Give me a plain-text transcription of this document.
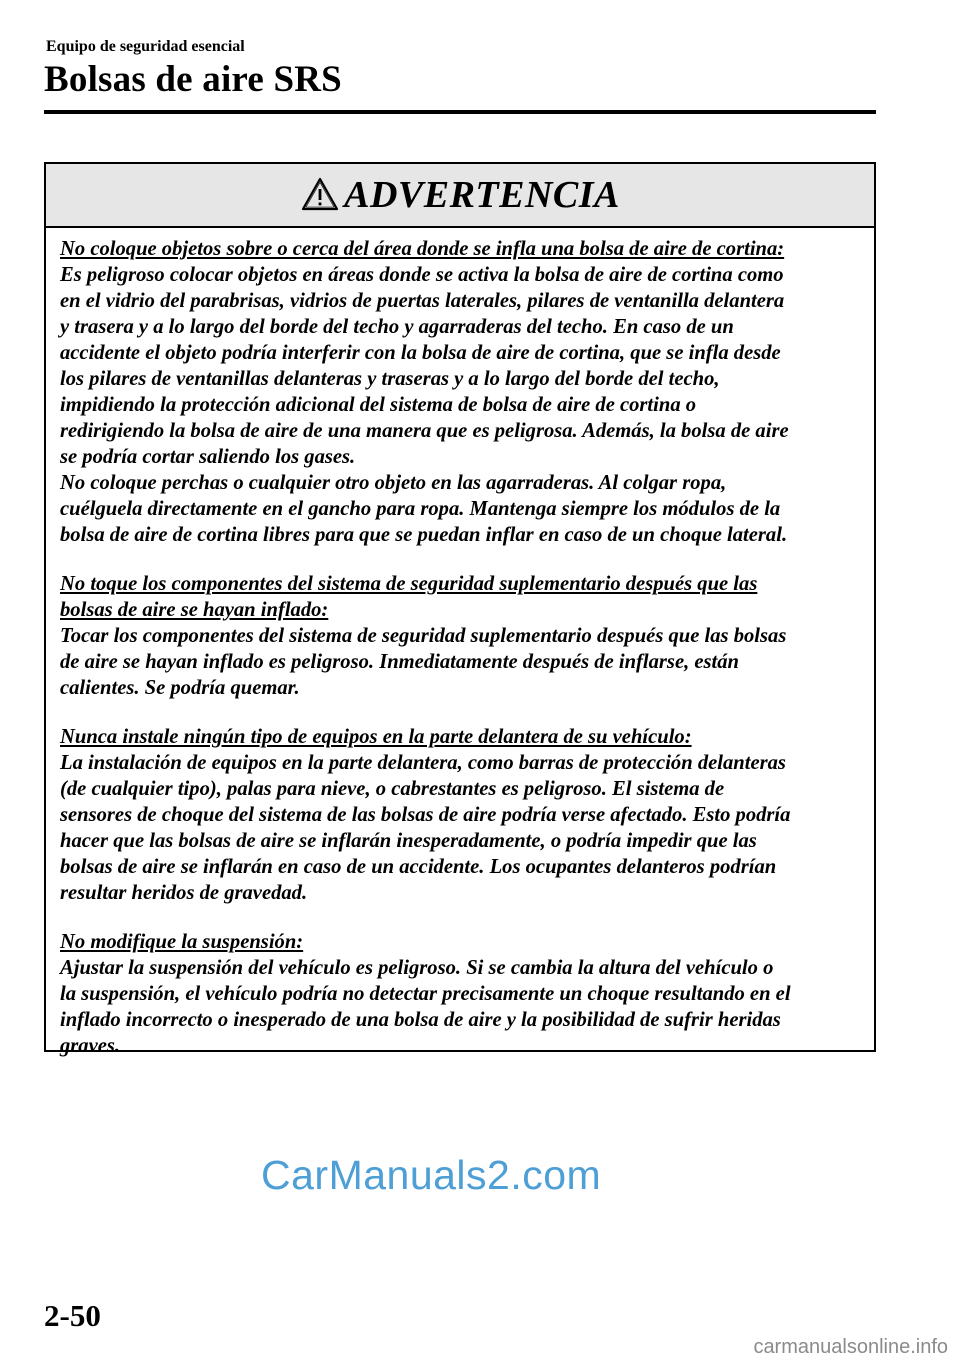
Equipo de seguridad esencial
Bolsas de aire SRS
ADVERTENCIA
No coloque objetos sobre o cerca del área donde se infla una bolsa de aire de cortina:
Es peligroso colocar objetos en áreas donde se activa la bolsa de aire de cortina como
en el vidrio del parabrisas, vidrios de puertas laterales, pilares de ventanilla delantera
y trasera y a lo largo del borde del techo y agarraderas del techo. En caso de un
accidente el objeto podría interferir con la bolsa de aire de cortina, que se infla desde
los pilares de ventanillas delanteras y traseras y a lo largo del borde del techo,
impidiendo la protección adicional del sistema de bolsa de aire de cortina o
redirigiendo la bolsa de aire de una manera que es peligrosa. Además, la bolsa de aire
se podría cortar saliendo los gases.
No coloque perchas o cualquier otro objeto en las agarraderas. Al colgar ropa,
cuélguela directamente en el gancho para ropa. Mantenga siempre los módulos de la
bolsa de aire de cortina libres para que se puedan inflar en caso de un choque lateral.
No toque los componentes del sistema de seguridad suplementario después que las
bolsas de aire se hayan inflado:
Tocar los componentes del sistema de seguridad suplementario después que las bolsas
de aire se hayan inflado es peligroso. Inmediatamente después de inflarse, están
calientes. Se podría quemar.
Nunca instale ningún tipo de equipos en la parte delantera de su vehículo:
La instalación de equipos en la parte delantera, como barras de protección delanteras
(de cualquier tipo), palas para nieve, o cabrestantes es peligroso. El sistema de
sensores de choque del sistema de las bolsas de aire podría verse afectado. Esto podría
hacer que las bolsas de aire se inflarán inesperadamente, o podría impedir que las
bolsas de aire se inflarán en caso de un accidente. Los ocupantes delanteros podrían
resultar heridos de gravedad.
No modifique la suspensión:
Ajustar la suspensión del vehículo es peligroso. Si se cambia la altura del vehículo o
la suspensión, el vehículo podría no detectar precisamente un choque resultando en el
inflado incorrecto o inesperado de una bolsa de aire y la posibilidad de sufrir heridas
graves.
CarManuals2.com
2-50
carmanualsonline.info
